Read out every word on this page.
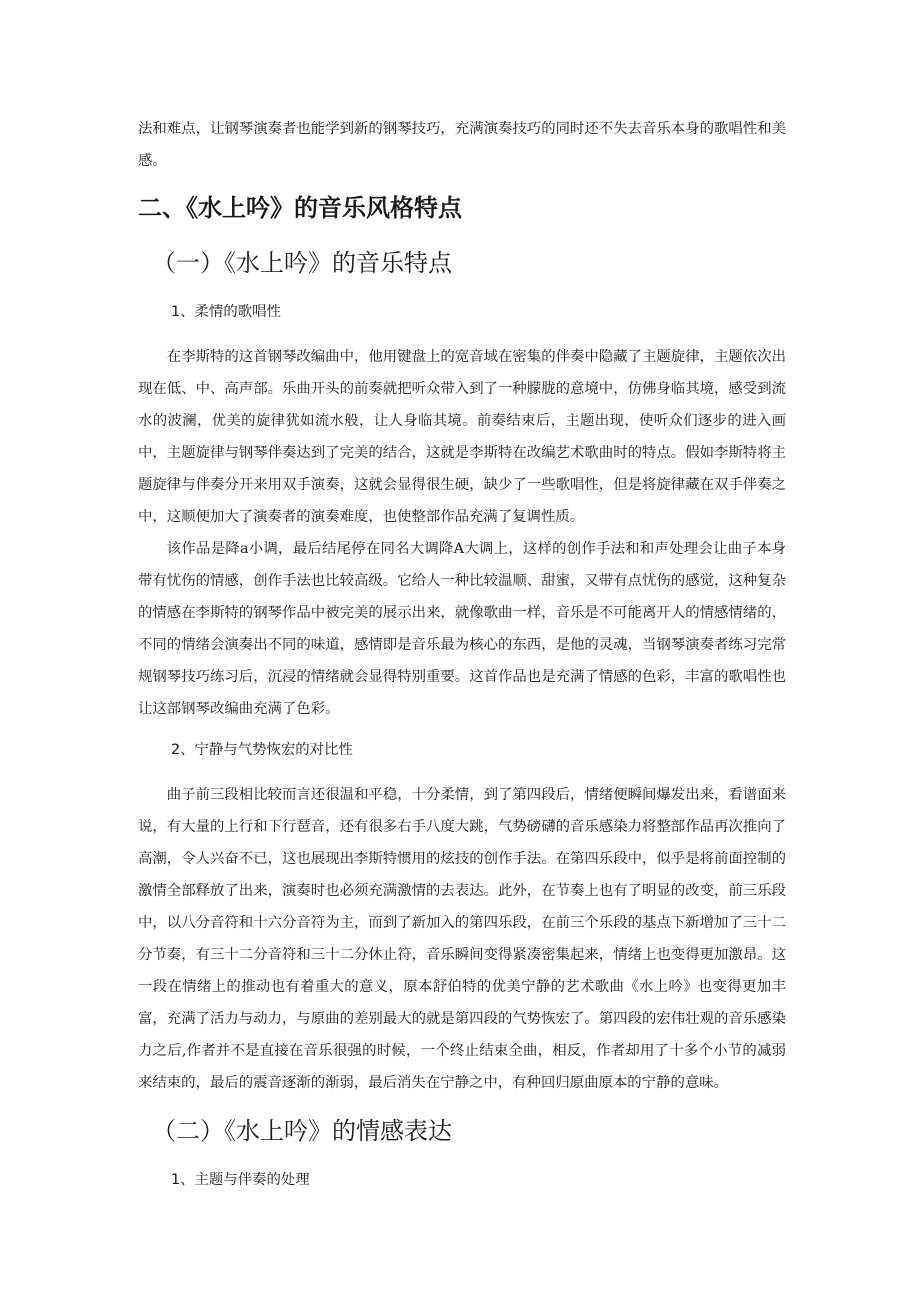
法和难点，让钢琴演奏者也能学到新的钢琴技巧，充满演奏技巧的同时还不失去音乐本身的歌唱性和美感。

二、《水上吟》的音乐风格特点
（一）《水上吟》的音乐特点
1、柔情的歌唱性

在李斯特的这首钢琴改编曲中，他用键盘上的宽音域在密集的伴奏中隐藏了主题旋律，主题依次出现在低、中、高声部。乐曲开头的前奏就把听众带入到了一种朦胧的意境中，仿佛身临其境，感受到流水的波澜，优美的旋律犹如流水般，让人身临其境。前奏结束后，主题出现，使听众们逐步的进入画中，主题旋律与钢琴伴奏达到了完美的结合，这就是李斯特在改编艺术歌曲时的特点。假如李斯特将主题旋律与伴奏分开来用双手演奏，这就会显得很生硬，缺少了一些歌唱性，但是将旋律藏在双手伴奏之中，这顺便加大了演奏者的演奏难度，也使整部作品充满了复调性质。

该作品是降a小调，最后结尾停在同名大调降A大调上，这样的创作手法和和声处理会让曲子本身带有忧伤的情感，创作手法也比较高级。它给人一种比较温顺、甜蜜，又带有点忧伤的感觉，这种复杂的情感在李斯特的钢琴作品中被完美的展示出来，就像歌曲一样，音乐是不可能离开人的情感情绪的，不同的情绪会演奏出不同的味道，感情即是音乐最为核心的东西，是他的灵魂，当钢琴演奏者练习完常规钢琴技巧练习后，沉浸的情绪就会显得特别重要。这首作品也是充满了情感的色彩，丰富的歌唱性也让这部钢琴改编曲充满了色彩。

2、宁静与气势恢宏的对比性

曲子前三段相比较而言还很温和平稳，十分柔情，到了第四段后，情绪便瞬间爆发出来，看谱面来说，有大量的上行和下行琶音，还有很多右手八度大跳，气势磅礴的音乐感染力将整部作品再次推向了高潮，令人兴奋不已，这也展现出李斯特惯用的炫技的创作手法。在第四乐段中，似乎是将前面控制的激情全部释放了出来，演奏时也必须充满激情的去表达。此外，在节奏上也有了明显的改变，前三乐段中，以八分音符和十六分音符为主，而到了新加入的第四乐段，在前三个乐段的基点下新增加了三十二分节奏，有三十二分音符和三十二分休止符，音乐瞬间变得紧凑密集起来，情绪上也变得更加激昂。这一段在情绪上的推动也有着重大的意义，原本舒伯特的优美宁静的艺术歌曲《水上吟》也变得更加丰富，充满了活力与动力，与原曲的差别最大的就是第四段的气势恢宏了。第四段的宏伟壮观的音乐感染力之后,作者并不是直接在音乐很强的时候，一个终止结束全曲，相反，作者却用了十多个小节的减弱来结束的，最后的震音逐渐的渐弱，最后消失在宁静之中，有种回归原曲原本的宁静的意味。

（二）《水上吟》的情感表达
1、主题与伴奏的处理
